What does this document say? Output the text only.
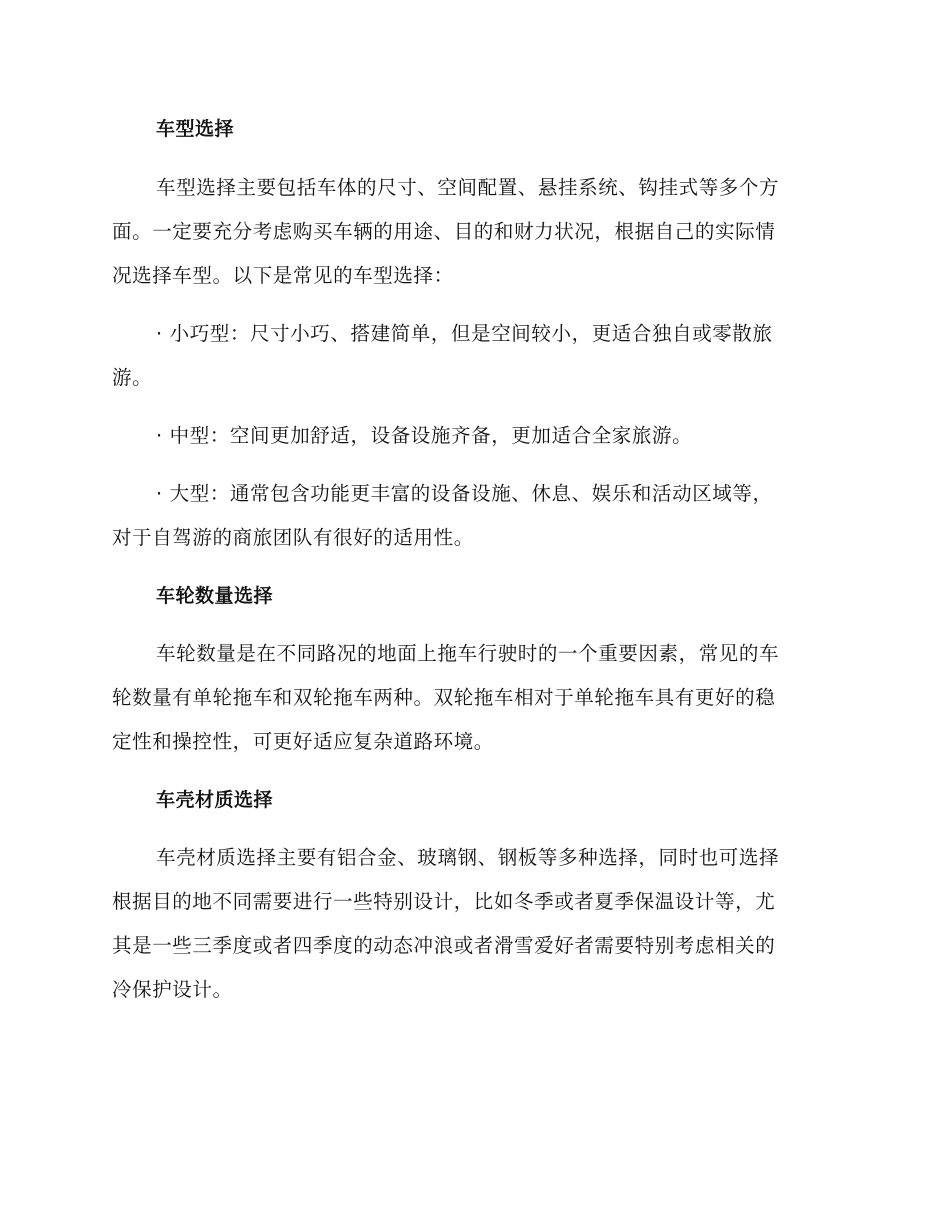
车型选择

车型选择主要包括车体的尺寸、空间配置、悬挂系统、钩挂式等多个方

面。一定要充分考虑购买车辆的用途、目的和财力状况，根据自己的实际情

况选择车型。以下是常见的车型选择：

· 小巧型：尺寸小巧、搭建简单，但是空间较小，更适合独自或零散旅

游。

· 中型：空间更加舒适，设备设施齐备，更加适合全家旅游。

· 大型：通常包含功能更丰富的设备设施、休息、娱乐和活动区域等，

对于自驾游的商旅团队有很好的适用性。

车轮数量选择

车轮数量是在不同路况的地面上拖车行驶时的一个重要因素，常见的车

轮数量有单轮拖车和双轮拖车两种。双轮拖车相对于单轮拖车具有更好的稳

定性和操控性，可更好适应复杂道路环境。

车壳材质选择

车壳材质选择主要有铝合金、玻璃钢、钢板等多种选择，同时也可选择

根据目的地不同需要进行一些特别设计，比如冬季或者夏季保温设计等，尤

其是一些三季度或者四季度的动态冲浪或者滑雪爱好者需要特别考虑相关的

冷保护设计。
